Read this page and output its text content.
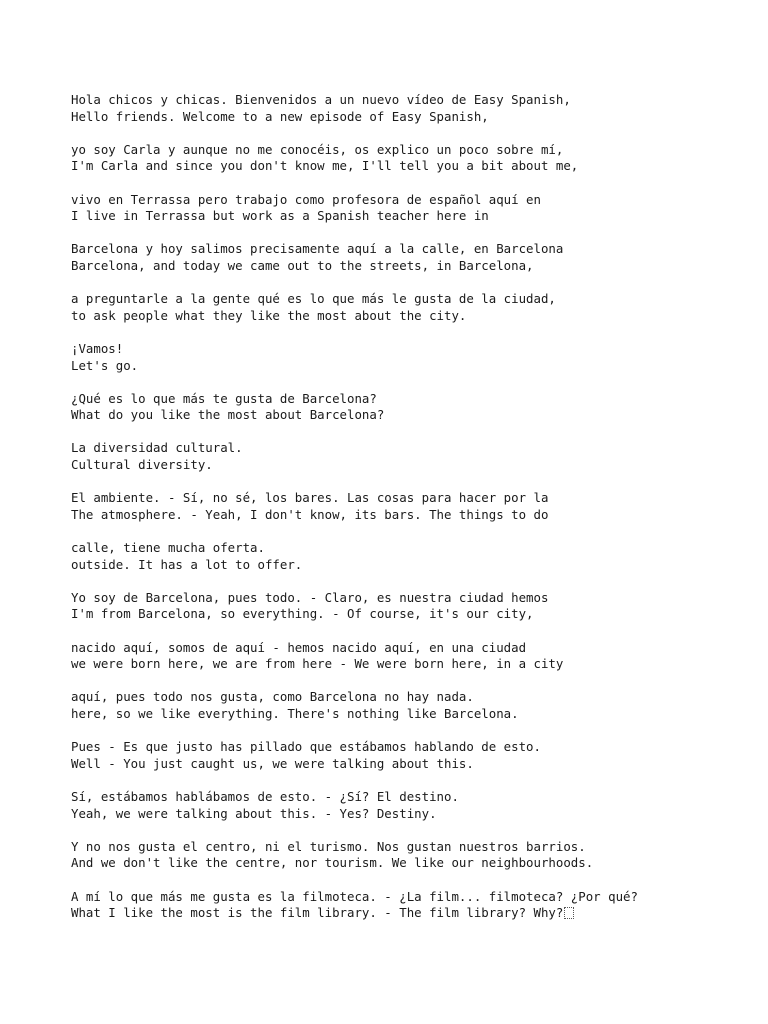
Hola chicos y chicas. Bienvenidos a un nuevo vídeo de Easy Spanish,
Hello friends. Welcome to a new episode of Easy Spanish,
yo soy Carla y aunque no me conocéis, os explico un poco sobre mí,
I'm Carla and since you don't know me, I'll tell you a bit about me,
vivo en Terrassa pero trabajo como profesora de español aquí en
I live in Terrassa but work as a Spanish teacher here in
Barcelona y hoy salimos precisamente aquí a la calle, en Barcelona
Barcelona, and today we came out to the streets, in Barcelona,
a preguntarle a la gente qué es lo que más le gusta de la ciudad,
to ask people what they like the most about the city.
¡Vamos!
Let's go.
¿Qué es lo que más te gusta de Barcelona?
What do you like the most about Barcelona?
La diversidad cultural.
Cultural diversity.
El ambiente. - Sí, no sé, los bares. Las cosas para hacer por la
The atmosphere. - Yeah, I don't know, its bars. The things to do
calle, tiene mucha oferta.
outside. It has a lot to offer.
Yo soy de Barcelona, pues todo. - Claro, es nuestra ciudad hemos
I'm from Barcelona, so everything. - Of course, it's our city,
nacido aquí, somos de aquí - hemos nacido aquí, en una ciudad
we were born here, we are from here - We were born here, in a city
aquí, pues todo nos gusta, como Barcelona no hay nada.
here, so we like everything. There's nothing like Barcelona.
Pues - Es que justo has pillado que estábamos hablando de esto.
Well - You just caught us, we were talking about this.
Sí, estábamos hablábamos de esto. - ¿Sí? El destino.
Yeah, we were talking about this. - Yes? Destiny.
Y no nos gusta el centro, ni el turismo. Nos gustan nuestros barrios.
And we don't like the centre, nor tourism. We like our neighbourhoods.
A mí lo que más me gusta es la filmoteca. - ¿La film... filmoteca? ¿Por qué?
What I like the most is the film library. - The film library? Why?
